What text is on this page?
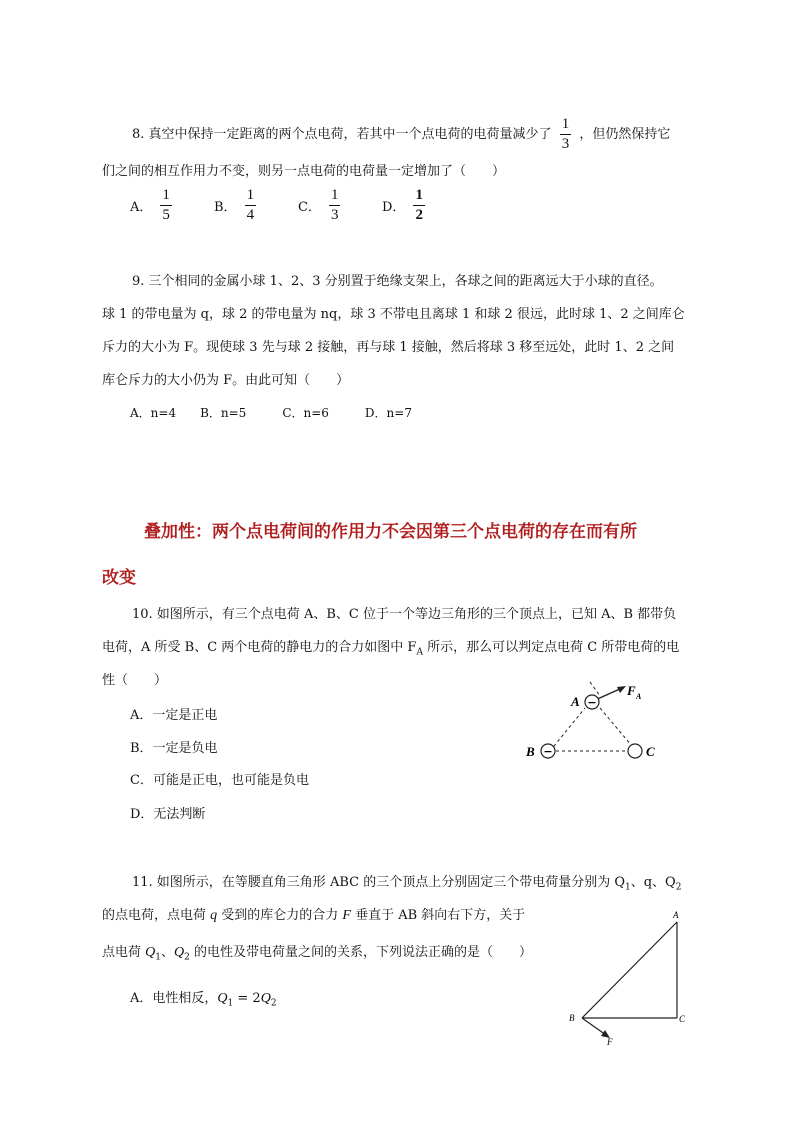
8. 真空中保持一定距离的两个点电荷，若其中一个点电荷的电荷量减少了 $\frac{1}{3}$ ，但仍然保持它
们之间的相互作用力不变，则另一点电荷的电荷量一定增加了（　　）
A． $\frac{1}{5}$	B． $\frac{1}{4}$	C． $\frac{1}{3}$	D． $\frac{1}{2}$
9. 三个相同的金属小球 1、2、3 分别置于绝缘支架上，各球之间的距离远大于小球的直径。
球 1 的带电量为 q，球 2 的带电量为 nq，球 3 不带电且离球 1 和球 2 很远，此时球 1、2 之间库仑
斥力的大小为 F。现使球 3 先与球 2 接触，再与球 1 接触，然后将球 3 移至远处，此时 1、2 之间
库仑斥力的大小仍为 F。由此可知（　　）
A．n=4　　B．n=5　　　C．n=6　　　D．n=7
叠加性：两个点电荷间的作用力不会因第三个点电荷的存在而有所
改变
10. 如图所示，有三个点电荷 A、B、C 位于一个等边三角形的三个顶点上，已知 A、B 都带负
电荷，A 所受 B、C 两个电荷的静电力的合力如图中 $F_A$ 所示，那么可以判定点电荷 C 所带电荷的电
性（　　）
A．一定是正电
B．一定是负电
C．可能是正电，也可能是负电
D．无法判断
−
−
A
B	C
F A
11. 如图所示，在等腰直角三角形 ABC 的三个顶点上分别固定三个带电荷量分别为 $Q_1$、q、$Q_2$
的点电荷，点电荷 q 受到的库仑力的合力 F 垂直于 AB 斜向右下方，关于
点电荷 $Q_1$、$Q_2$ 的电性及带电荷量之间的关系，下列说法正确的是（　　）
A．电性相反，$Q_1 = 2Q_2$
A
B	C
F
